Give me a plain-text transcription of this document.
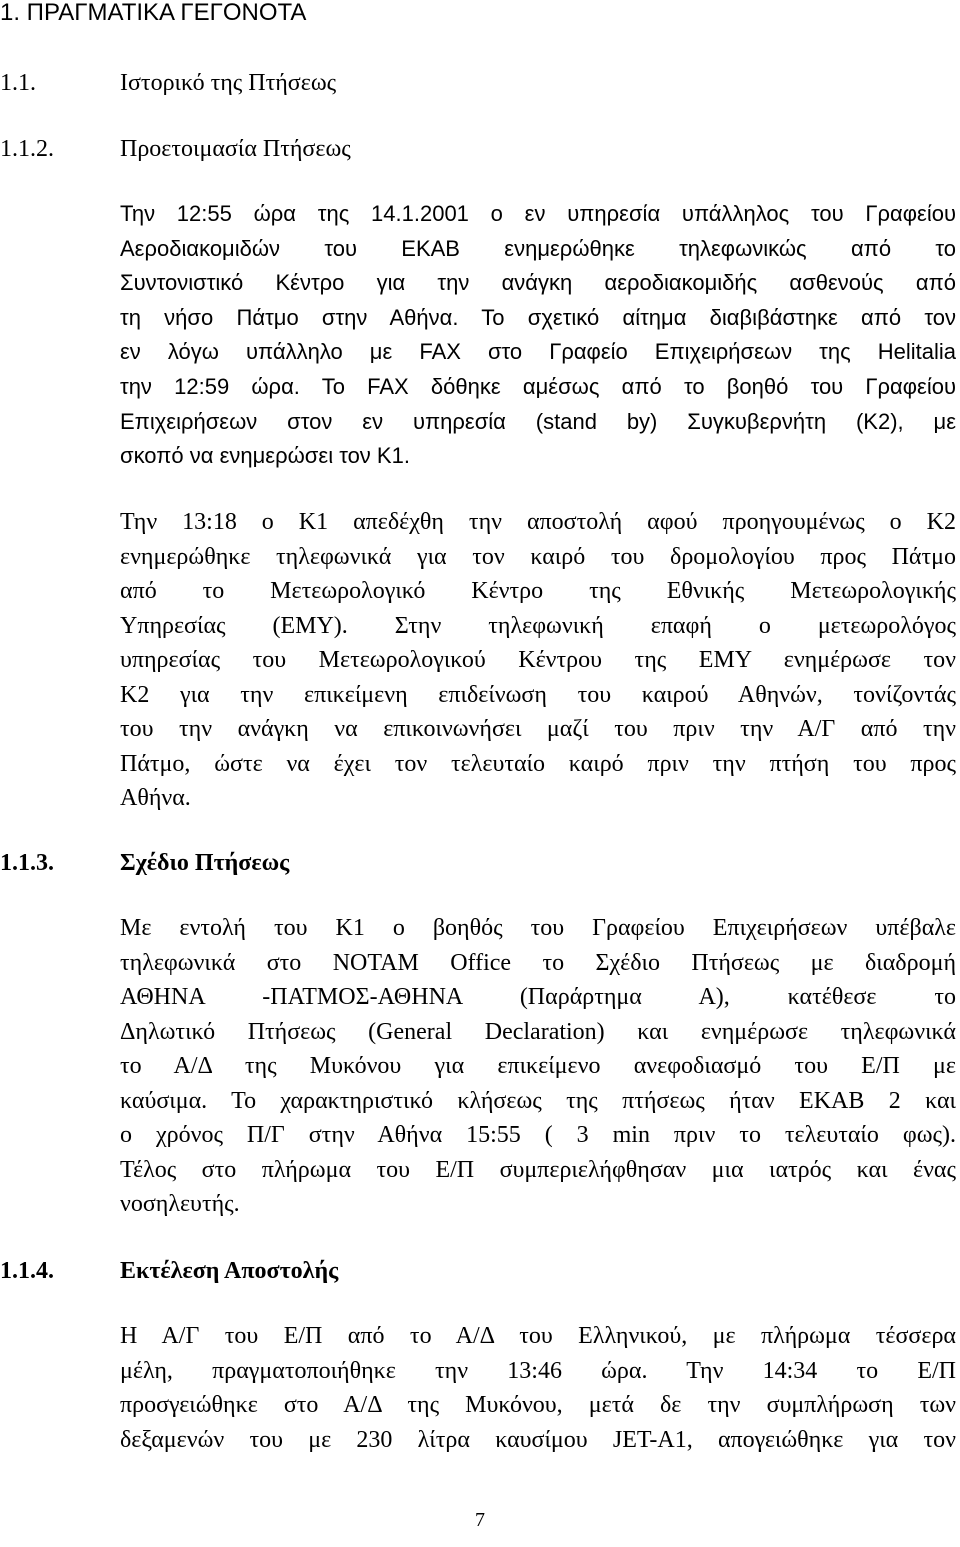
1. ΠΡΑΓΜΑΤΙΚΑ ΓΕΓΟΝΟΤΑ
1.1.	Ιστορικό της Πτήσεως
1.1.2.	Προετοιμασία Πτήσεως
Την 12:55 ώρα της 14.1.2001 ο εν υπηρεσία υπάλληλος του Γραφείου
Αεροδιακομιδών του ΕΚΑΒ ενημερώθηκε τηλεφωνικώς από το
Συντονιστικό Κέντρο για την ανάγκη αεροδιακομιδής ασθενούς από
τη νήσο Πάτμο στην Αθήνα. Το σχετικό αίτημα διαβιβάστηκε από τον
εν λόγω υπάλληλο με FAX στο Γραφείο Επιχειρήσεων της Helitalia
την 12:59 ώρα. Το FAX δόθηκε αμέσως από το βοηθό του Γραφείου
Επιχειρήσεων στον εν υπηρεσία (stand by) Συγκυβερνήτη (Κ2), με
σκοπό να ενημερώσει τον Κ1.
Την 13:18 ο Κ1 απεδέχθη την αποστολή αφού προηγουμένως ο Κ2
ενημερώθηκε τηλεφωνικά για τον καιρό του δρομολογίου προς Πάτμο
από το Μετεωρολογικό Κέντρο της Εθνικής Μετεωρολογικής
Υπηρεσίας (ΕΜΥ). Στην τηλεφωνική επαφή ο μετεωρολόγος
υπηρεσίας του Μετεωρολογικού Κέντρου της ΕΜΥ ενημέρωσε τον
Κ2 για την επικείμενη επιδείνωση του καιρού Αθηνών, τονίζοντάς
του την ανάγκη να επικοινωνήσει μαζί του πριν την Α/Γ από την
Πάτμο, ώστε να έχει τον τελευταίο καιρό πριν την πτήση του προς
Αθήνα.
1.1.3.	Σχέδιο Πτήσεως
Με εντολή του Κ1 ο βοηθός του Γραφείου Επιχειρήσεων υπέβαλε
τηλεφωνικά στο NOTAM Office το Σχέδιο Πτήσεως με διαδρομή
ΑΘΗΝΑ -ΠΑΤΜΟΣ-ΑΘΗΝΑ (Παράρτημα Α), κατέθεσε το
Δηλωτικό Πτήσεως (General Declaration) και ενημέρωσε τηλεφωνικά
το Α/Δ της Μυκόνου για επικείμενο ανεφοδιασμό του Ε/Π με
καύσιμα. Το χαρακτηριστικό κλήσεως της πτήσεως ήταν ΕΚΑΒ 2 και
ο χρόνος Π/Γ στην Αθήνα 15:55 ( 3 min πριν το τελευταίο φως).
Τέλος στο πλήρωμα του Ε/Π συμπεριελήφθησαν μια ιατρός και ένας
νοσηλευτής.
1.1.4.	Εκτέλεση Αποστολής
Η Α/Γ του Ε/Π από το Α/Δ του Ελληνικού, με πλήρωμα τέσσερα
μέλη, πραγματοποιήθηκε την 13:46 ώρα. Την 14:34 το Ε/Π
προσγειώθηκε στο Α/Δ της Μυκόνου, μετά δε την συμπλήρωση των
δεξαμενών του με 230 λίτρα καυσίμου JET-A1, απογειώθηκε για τον
7
